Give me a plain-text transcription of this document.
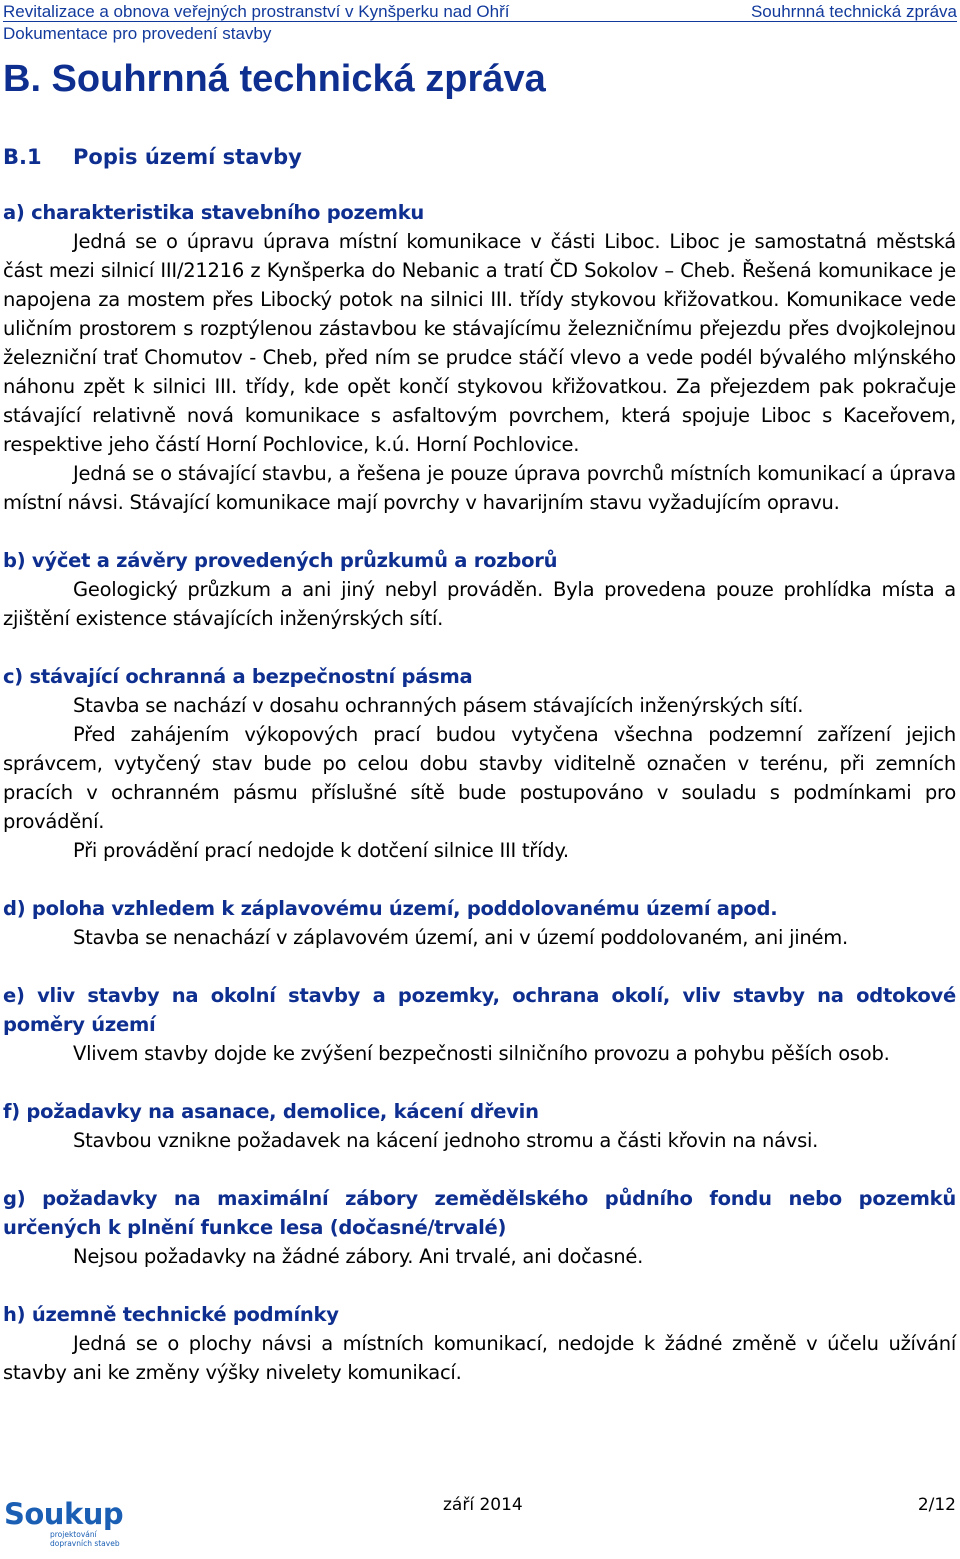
Revitalizace a obnova veřejných prostranství v Kynšperku nad Ohří	Souhrnná technická zpráva
Dokumentace pro provedení stavby
B. Souhrnná technická zpráva
B.1 Popis území stavby
a) charakteristika stavebního pozemku

Jedná se o úpravu úprava místní komunikace v části Liboc. Liboc je samostatná městská část mezi silnicí III/21216 z Kynšperka do Nebanic a tratí ČD Sokolov – Cheb. Řešená komunikace je napojena za mostem přes Libocký potok na silnici III. třídy stykovou křižovatkou. Komunikace vede uličním prostorem s rozptýlenou zástavbou ke stávajícímu železničnímu přejezdu přes dvojkolejnou železniční trať Chomutov - Cheb, před ním se prudce stáčí vlevo a vede podél bývalého mlýnského náhonu zpět k silnici III. třídy, kde opět končí stykovou křižovatkou. Za přejezdem pak pokračuje stávající relativně nová komunikace s asfaltovým povrchem, která spojuje Liboc s Kaceřovem, respektive jeho částí Horní Pochlovice, k.ú. Horní Pochlovice.

Jedná se o stávající stavbu, a řešena je pouze úprava povrchů místních komunikací a úprava místní návsi. Stávající komunikace mají povrchy v havarijním stavu vyžadujícím opravu.

b) výčet a závěry provedených průzkumů a rozborů

Geologický průzkum a ani jiný nebyl prováděn. Byla provedena pouze prohlídka místa a zjištění existence stávajících inženýrských sítí.

c) stávající ochranná a bezpečnostní pásma

Stavba se nachází v dosahu ochranných pásem stávajících inženýrských sítí.

Před zahájením výkopových prací budou vytyčena všechna podzemní zařízení jejich správcem, vytyčený stav bude po celou dobu stavby viditelně označen v terénu, při zemních pracích v ochranném pásmu příslušné sítě bude postupováno v souladu s podmínkami pro provádění.

Při provádění prací nedojde k dotčení silnice III třídy.

d) poloha vzhledem k záplavovému území, poddolovanému území apod.

Stavba se nenachází v záplavovém území, ani v území poddolovaném, ani jiném.

e) vliv stavby na okolní stavby a pozemky, ochrana okolí, vliv stavby na odtokové poměry území

Vlivem stavby dojde ke zvýšení bezpečnosti silničního provozu a pohybu pěších osob.

f) požadavky na asanace, demolice, kácení dřevin

Stavbou vznikne požadavek na kácení jednoho stromu a části křovin na návsi.

g) požadavky na maximální zábory zemědělského půdního fondu nebo pozemků určených k plnění funkce lesa (dočasné/trvalé)

Nejsou požadavky na žádné zábory. Ani trvalé, ani dočasné.

h) územně technické podmínky

Jedná se o plochy návsi a místních komunikací, nedojde k žádné změně v účelu užívání stavby ani ke změny výšky nivelety komunikací.

Soukup
projektování dopravních staveb
září 2014	2/12
